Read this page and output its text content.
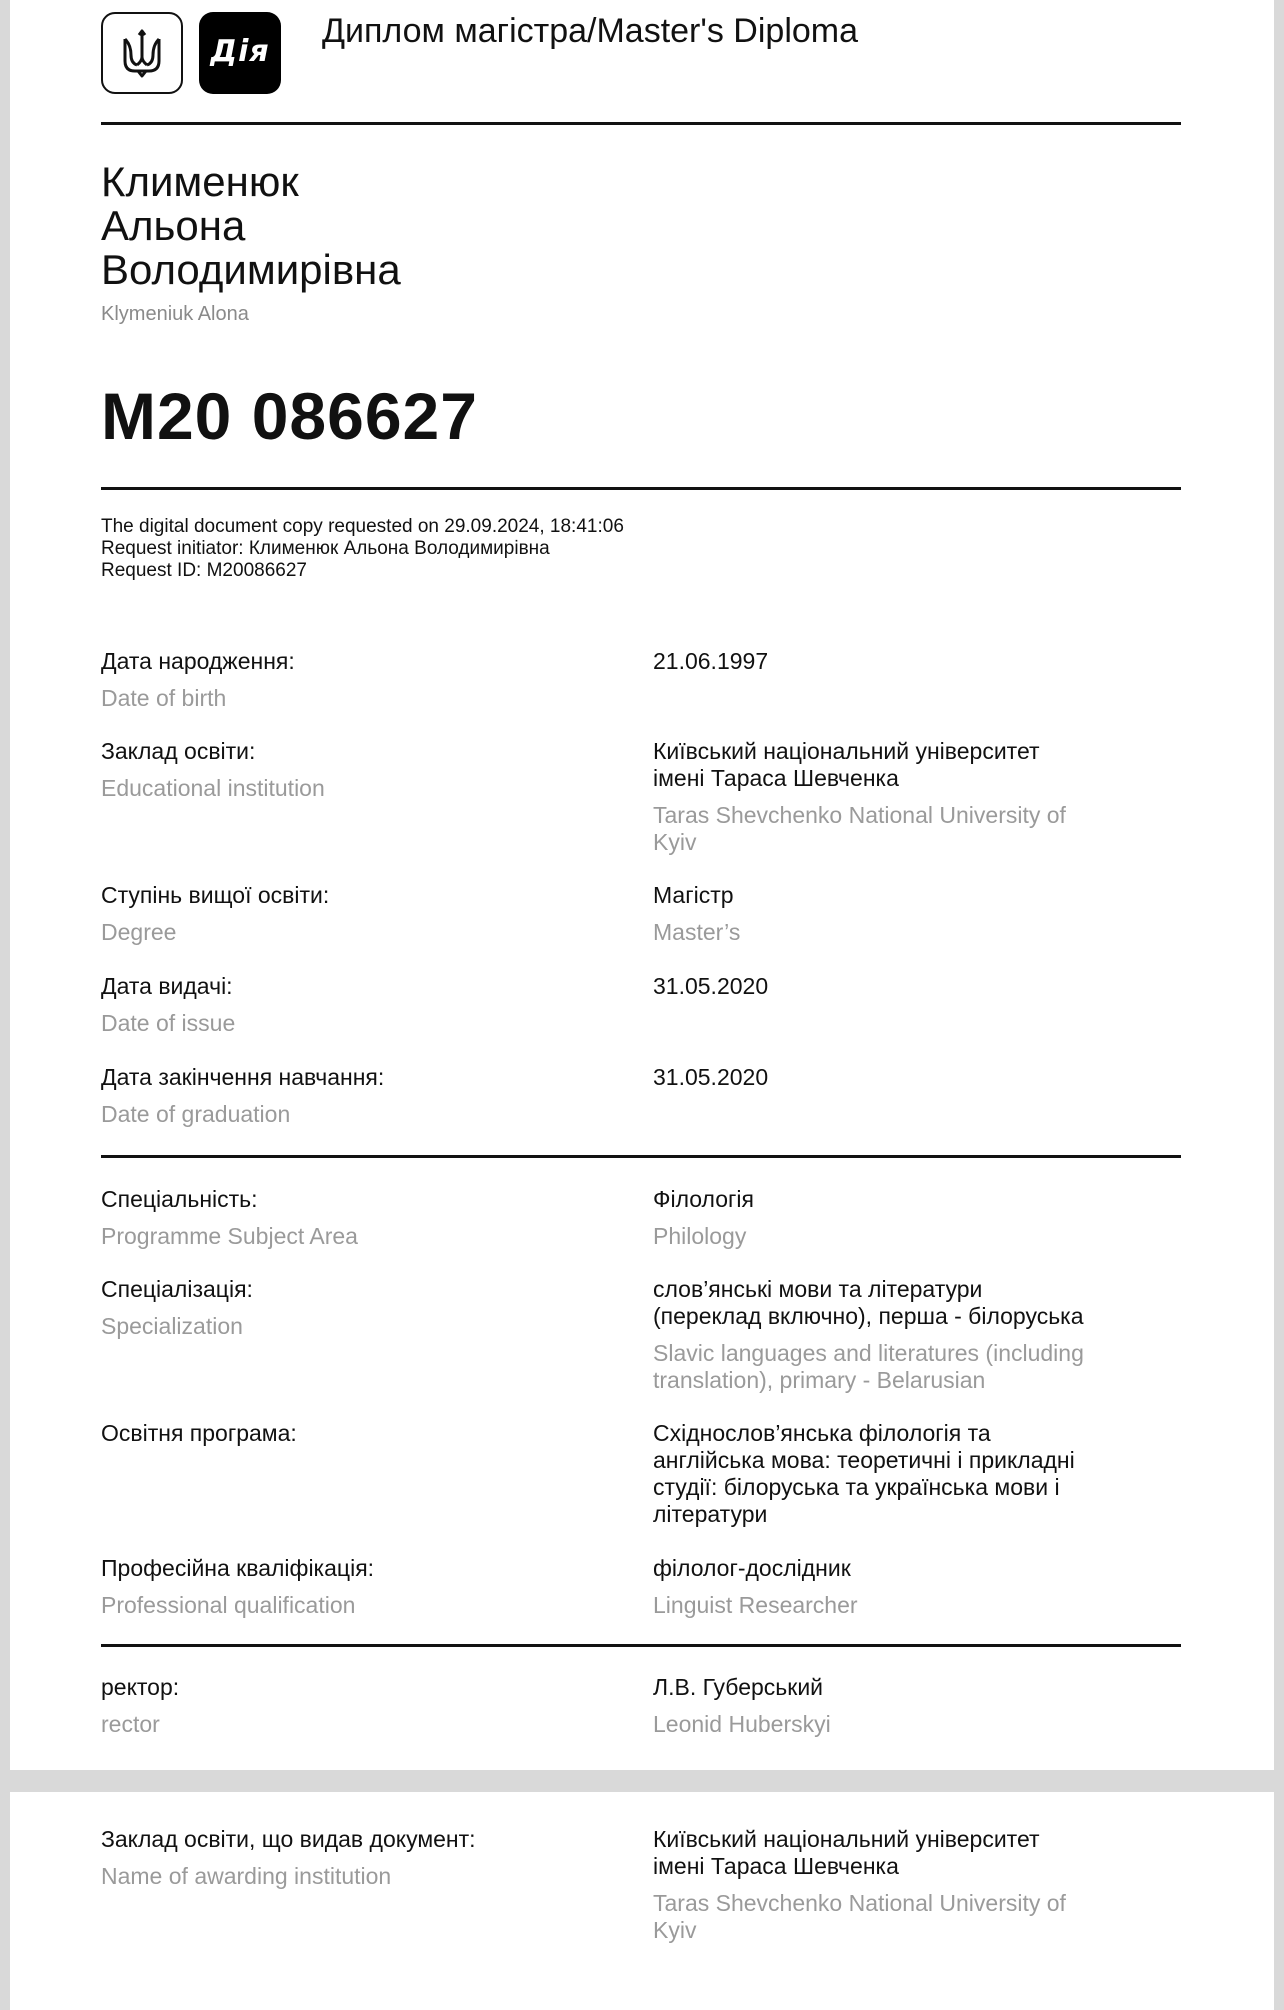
Дія
Диплом магістра/Master's Diploma
Клименюк
Альона
Володимирівна
Klymeniuk Alona
M20 086627
The digital document copy requested on 29.09.2024, 18:41:06
Request initiator: Клименюк Альона Володимирівна
Request ID: M20086627
Дата народження:
Date of birth
21.06.1997
Заклад освіти:
Educational institution
Київський національний університет
імені Тараса Шевченка
Taras Shevchenko National University of
Kyiv
Ступінь вищої освіти:
Degree
Магістр
Master’s
Дата видачі:
Date of issue
31.05.2020
Дата закінчення навчання:
Date of graduation
31.05.2020
Спеціальність:
Programme Subject Area
Філологія
Philology
Спеціалізація:
Specialization
слов’янські мови та літератури
(переклад включно), перша - білоруська
Slavic languages and literatures (including
translation), primary - Belarusian
Освітня програма:	Східнослов’янська філологія та
англійська мова: теоретичні і прикладні
студії: білоруська та українська мови і
літератури
Професійна кваліфікація:
Professional qualification
філолог-дослідник
Linguist Researcher
ректор:
rector
Л.В. Губерський
Leonid Huberskyi
Заклад освіти, що видав документ:
Name of awarding institution
Київський національний університет
імені Тараса Шевченка
Taras Shevchenko National University of
Kyiv
